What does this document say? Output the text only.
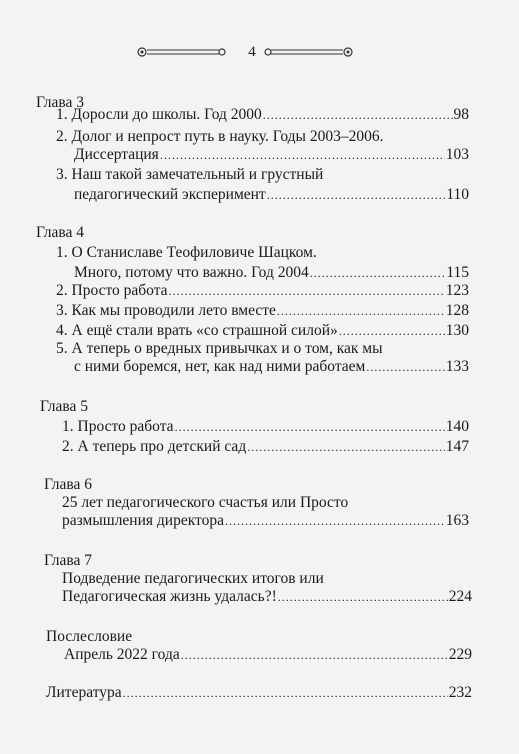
4
Глава 3
1. Доросли до школы. Год 2000 .....	98
2. Долог и непрост путь в науку. Годы 2003–2006.
Диссертация .....	103
3. Наш такой замечательный и грустный
педагогический эксперимент .....	110
Глава 4
1. О Станиславе Теофиловиче Шацком.
Много, потому что важно. Год 2004 .....	115
2. Просто работа .....	123
3. Как мы проводили лето вместе .....	128
4. А ещё стали врать «со страшной силой» .....	130
5. А теперь о вредных привычках и о том, как мы
с ними боремся, нет, как над ними работаем .....	133
Глава 5
1. Просто работа .....	140
2. А теперь про детский сад .....	147
Глава 6
25 лет педагогического счастья или Просто
размышления директора .....	163
Глава 7
Подведение педагогических итогов или
Педагогическая жизнь удалась?! .....	224
Послесловие
Апрель 2022 года .....	229
Литература .....	232
